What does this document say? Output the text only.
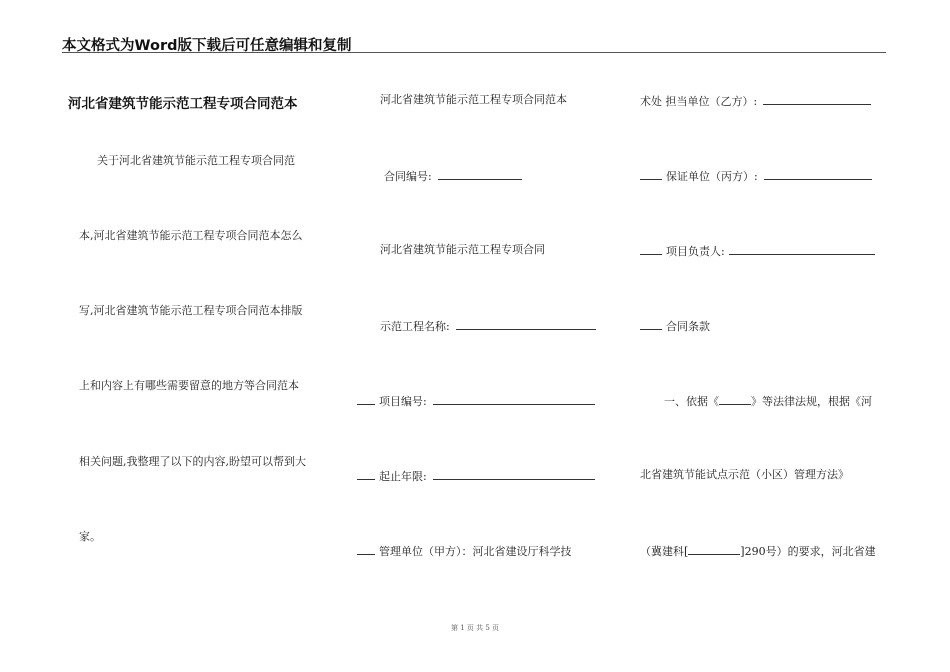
本文格式为Word版下载后可任意编辑和复制
河北省建筑节能示范工程专项合同范本
关于河北省建筑节能示范工程专项合同范
本,河北省建筑节能示范工程专项合同范本怎么
写,河北省建筑节能示范工程专项合同范本排版
上和内容上有哪些需要留意的地方等合同范本
相关问题,我整理了以下的内容,盼望可以帮到大
家。
河北省建筑节能示范工程专项合同范本
合同编号:
河北省建筑节能示范工程专项合同
示范工程名称:
项目编号:
起止年限:
管理单位（甲方）：河北省建设厅科学技
术处 担当单位（乙方）:
保证单位（丙方）:
项目负责人:
合同条款
一、依据《	》等法律法规，根据《河
北省建筑节能试点示范（小区）管理方法》
（冀建科[	]290号）的要求，河北省建
第 1 页 共 5 页
